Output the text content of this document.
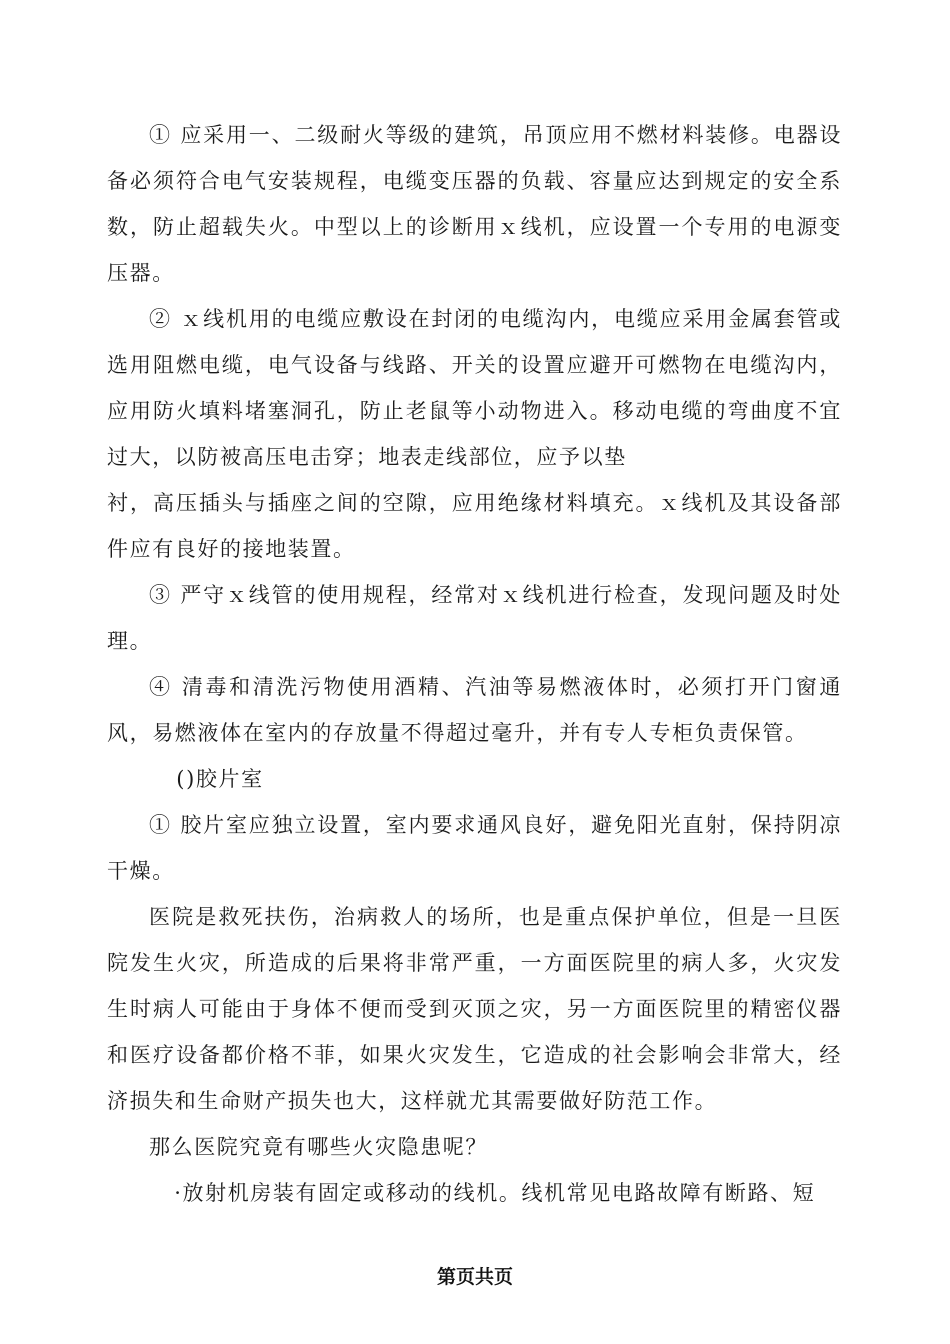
① 应采用一、二级耐火等级的建筑，吊顶应用不燃材料装修。电器设备必须符合电气安装规程，电缆变压器的负载、容量应达到规定的安全系数，防止超载失火。中型以上的诊断用ｘ线机，应设置一个专用的电源变压器。

② ｘ线机用的电缆应敷设在封闭的电缆沟内，电缆应采用金属套管或选用阻燃电缆，电气设备与线路、开关的设置应避开可燃物在电缆沟内，应用防火填料堵塞洞孔，防止老鼠等小动物进入。移动电缆的弯曲度不宜过大，以防被高压电击穿；地表走线部位，应予以垫

衬，高压插头与插座之间的空隙，应用绝缘材料填充。ｘ线机及其设备部件应有良好的接地装置。

③ 严守ｘ线管的使用规程，经常对ｘ线机进行检查，发现问题及时处理。

④ 清毒和清洗污物使用酒精、汽油等易燃液体时，必须打开门窗通风，易燃液体在室内的存放量不得超过毫升，并有专人专柜负责保管。

()胶片室

① 胶片室应独立设置，室内要求通风良好，避免阳光直射，保持阴凉干燥。

医院是救死扶伤，治病救人的场所，也是重点保护单位，但是一旦医院发生火灾，所造成的后果将非常严重，一方面医院里的病人多，火灾发生时病人可能由于身体不便而受到灭顶之灾，另一方面医院里的精密仪器和医疗设备都价格不菲，如果火灾发生，它造成的社会影响会非常大，经济损失和生命财产损失也大，这样就尤其需要做好防范工作。

那么医院究竟有哪些火灾隐患呢？

·放射机房装有固定或移动的线机。线机常见电路故障有断路、短

第页共页
